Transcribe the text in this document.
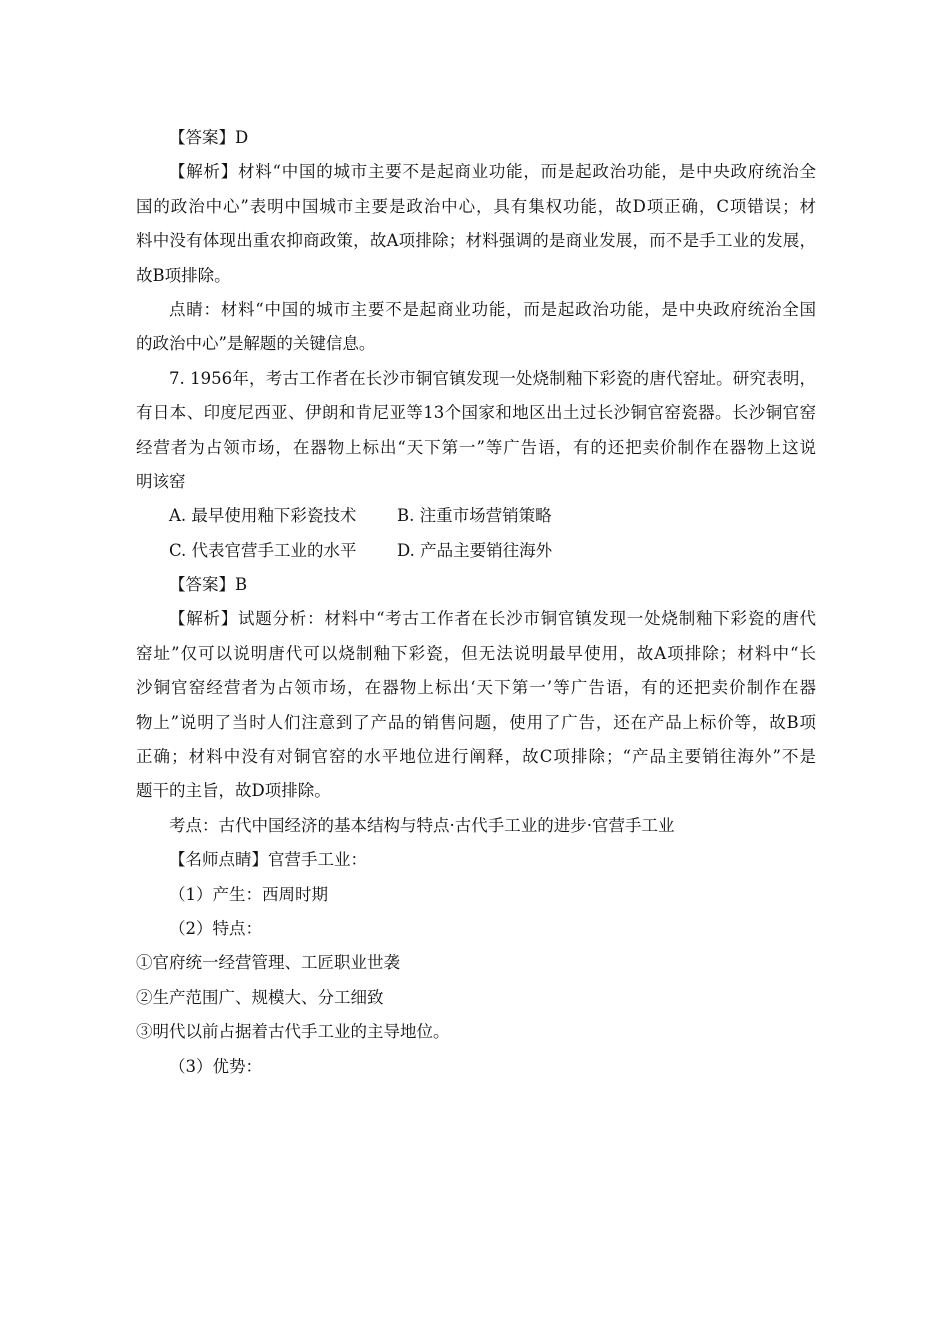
【答案】D
【解析】材料“中国的城市主要不是起商业功能，而是起政治功能，是中央政府统治全
国的政治中心”表明中国城市主要是政治中心，具有集权功能，故D项正确，C项错误；材
料中没有体现出重农抑商政策，故A项排除；材料强调的是商业发展，而不是手工业的发展，
故B项排除。
点睛：材料“中国的城市主要不是起商业功能，而是起政治功能，是中央政府统治全国
的政治中心”是解题的关键信息。
7. 1956年，考古工作者在长沙市铜官镇发现一处烧制釉下彩瓷的唐代窑址。研究表明，
有日本、印度尼西亚、伊朗和肯尼亚等13个国家和地区出土过长沙铜官窑瓷器。长沙铜官窑
经营者为占领市场，在器物上标出“天下第一”等广告语，有的还把卖价制作在器物上这说
明该窑
A. 最早使用釉下彩瓷技术	B. 注重市场营销策略
C. 代表官营手工业的水平	D. 产品主要销往海外
【答案】B
【解析】试题分析：材料中“考古工作者在长沙市铜官镇发现一处烧制釉下彩瓷的唐代
窑址”仅可以说明唐代可以烧制釉下彩瓷，但无法说明最早使用，故A项排除；材料中“长
沙铜官窑经营者为占领市场，在器物上标出‘天下第一’等广告语，有的还把卖价制作在器
物上”说明了当时人们注意到了产品的销售问题，使用了广告，还在产品上标价等，故B项
正确；材料中没有对铜官窑的水平地位进行阐释，故C项排除；“产品主要销往海外”不是
题干的主旨，故D项排除。
考点：古代中国经济的基本结构与特点·古代手工业的进步·官营手工业
【名师点睛】官营手工业：
（1）产生：西周时期
（2）特点：
①官府统一经营管理、工匠职业世袭
②生产范围广、规模大、分工细致
③明代以前占据着古代手工业的主导地位。
（3）优势：
